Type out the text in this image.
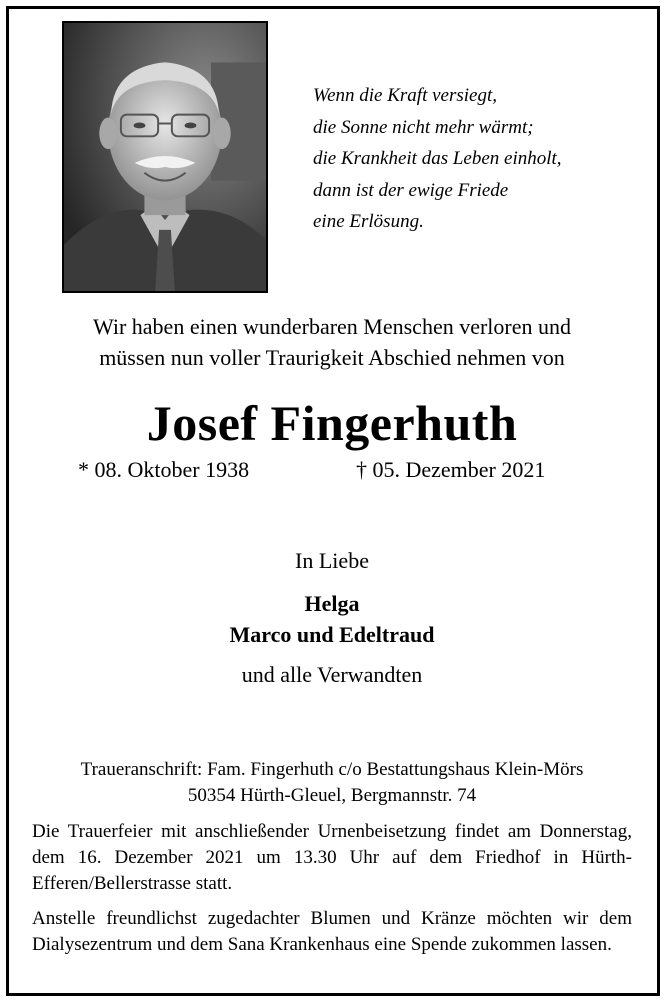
Wenn die Kraft versiegt,
die Sonne nicht mehr wärmt;
die Krankheit das Leben einholt,
dann ist der ewige Friede
eine Erlösung.
Wir haben einen wunderbaren Menschen verloren und
müssen nun voller Traurigkeit Abschied nehmen von
Josef Fingerhuth
* 08. Oktober 1938	† 05. Dezember 2021
In Liebe
Helga
Marco und Edeltraud
und alle Verwandten
Traueranschrift: Fam. Fingerhuth c/o Bestattungshaus Klein-Mörs
50354 Hürth-Gleuel, Bergmannstr. 74
Die Trauerfeier mit anschließender Urnenbeisetzung findet am Donnerstag, dem 16. Dezember 2021 um 13.30 Uhr auf dem Friedhof in Hürth-Efferen/Bellerstrasse statt.
Anstelle freundlichst zugedachter Blumen und Kränze möchten wir dem Dialysezentrum und dem Sana Krankenhaus eine Spende zukommen lassen.
